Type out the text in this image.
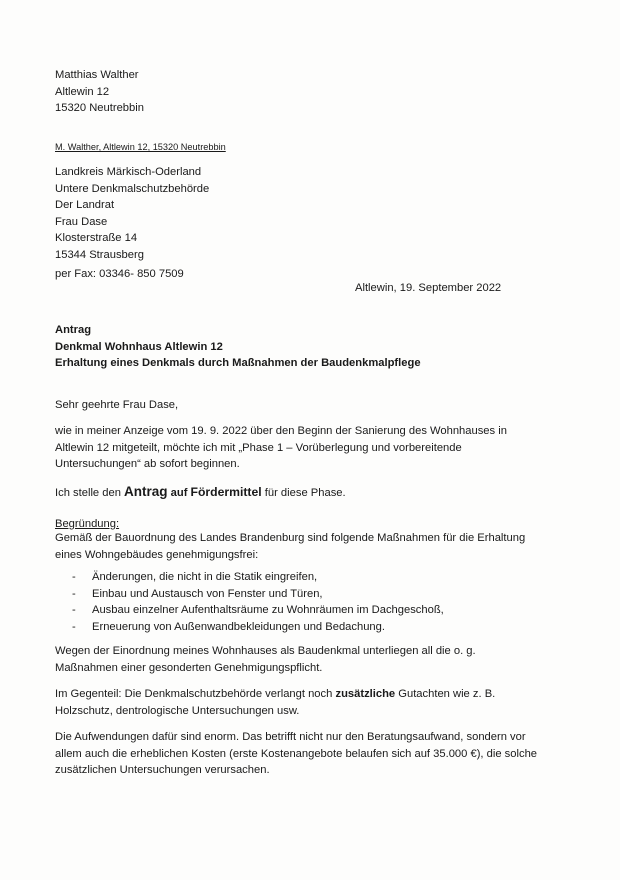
Matthias Walther
Altlewin 12
15320 Neutrebbin
M. Walther, Altlewin 12, 15320 Neutrebbin
Landkreis Märkisch-Oderland
Untere Denkmalschutzbehörde
Der Landrat
Frau Dase
Klosterstraße 14
15344 Strausberg
per Fax: 03346- 850 7509
Altlewin, 19. September 2022
Antrag
Denkmal Wohnhaus Altlewin 12
Erhaltung eines Denkmals durch Maßnahmen der Baudenkmalpflege
Sehr geehrte Frau Dase,
wie in meiner Anzeige vom 19. 9. 2022 über den Beginn der Sanierung des Wohnhauses in Altlewin 12 mitgeteilt, möchte ich mit „Phase 1 – Vorüberlegung und vorbereitende Untersuchungen“ ab sofort beginnen.
Ich stelle den Antrag auf Fördermittel für diese Phase.
Begründung:
Gemäß der Bauordnung des Landes Brandenburg sind folgende Maßnahmen für die Erhaltung eines Wohngebäudes genehmigungsfrei:
- Änderungen, die nicht in die Statik eingreifen,
- Einbau und Austausch von Fenster und Türen,
- Ausbau einzelner Aufenthaltsräume zu Wohnräumen im Dachgeschoß,
- Erneuerung von Außenwandbekleidungen und Bedachung.
Wegen der Einordnung meines Wohnhauses als Baudenkmal unterliegen all die o. g. Maßnahmen einer gesonderten Genehmigungspflicht.
Im Gegenteil: Die Denkmalschutzbehörde verlangt noch zusätzliche Gutachten wie z. B. Holzschutz, dentrologische Untersuchungen usw.
Die Aufwendungen dafür sind enorm. Das betrifft nicht nur den Beratungsaufwand, sondern vor allem auch die erheblichen Kosten (erste Kostenangebote belaufen sich auf 35.000 €), die solche zusätzlichen Untersuchungen verursachen.
